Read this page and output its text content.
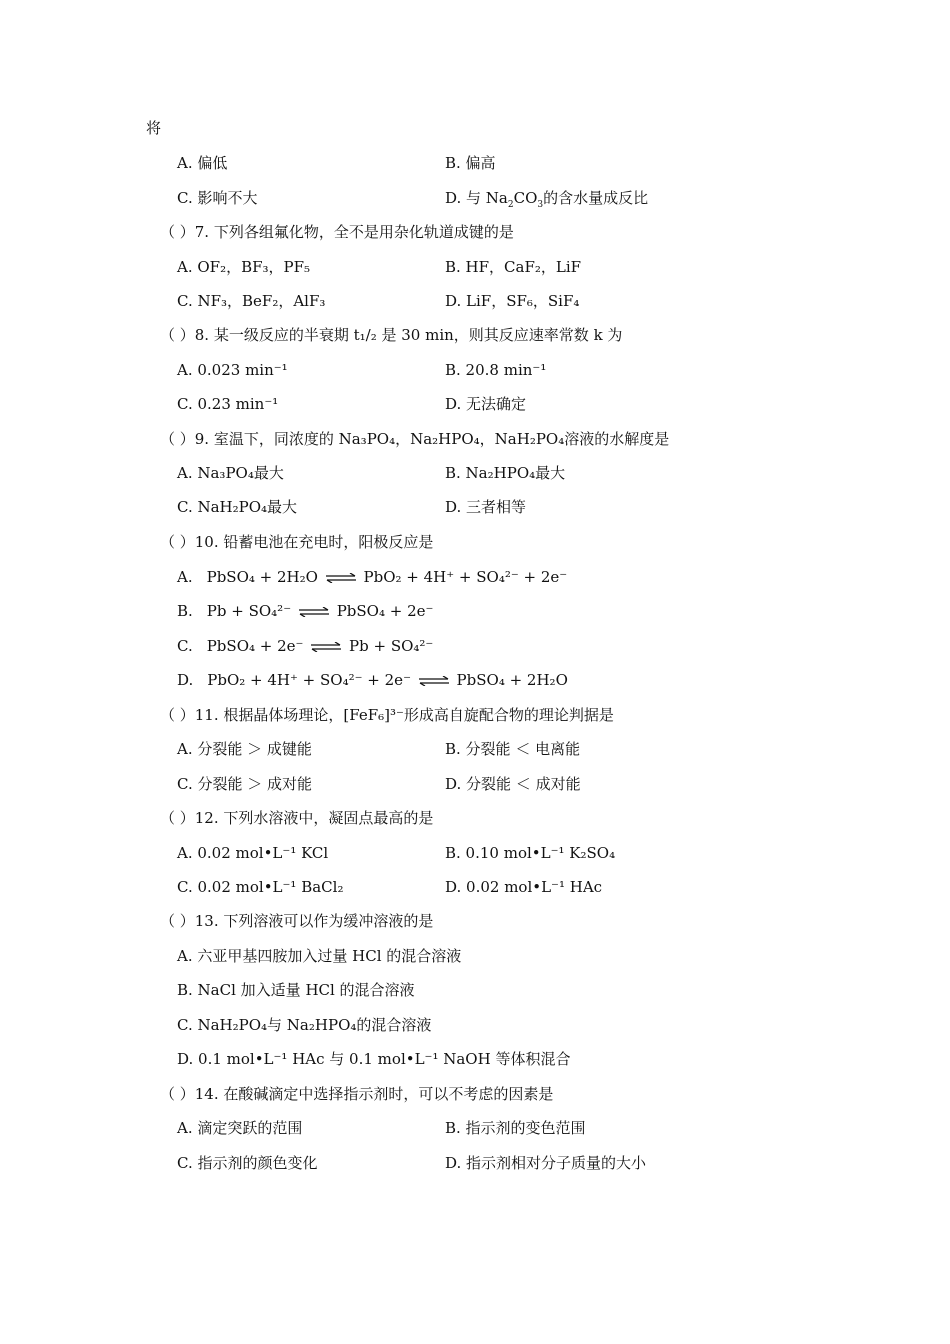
将
A. 偏低	B. 偏高
C. 影响不大	D. 与 $Na_2CO_3$的含水量成反比
（ ）7. 下列各组氟化物，全不是用杂化轨道成键的是
A. OF₂，BF₃，PF₅	B. HF，CaF₂，LiF
C. NF₃，BeF₂，AlF₃	D. LiF，SF₆，SiF₄
（ ）8. 某一级反应的半衰期 t₁/₂ 是 30 min，则其反应速率常数 k 为
A. 0.023 min⁻¹	B. 20.8 min⁻¹
C. 0.23 min⁻¹	D. 无法确定
（ ）9. 室温下，同浓度的 Na₃PO₄，Na₂HPO₄，NaH₂PO₄溶液的水解度是
A. Na₃PO₄最大	B. Na₂HPO₄最大
C. NaH₂PO₄最大	D. 三者相等
（ ）10. 铅蓄电池在充电时，阳极反应是
A. PbSO₄ + 2H₂O ⇌ PbO₂ + 4H⁺ + SO₄²⁻ + 2e⁻
B. Pb + SO₄²⁻ ⇌ PbSO₄ + 2e⁻
C. PbSO₄ + 2e⁻ ⇌ Pb + SO₄²⁻
D. PbO₂ + 4H⁺ + SO₄²⁻ + 2e⁻ ⇌ PbSO₄ + 2H₂O
（ ）11. 根据晶体场理论，[FeF₆]³⁻形成高自旋配合物的理论判据是
A. 分裂能 ＞ 成键能	B. 分裂能 ＜ 电离能
C. 分裂能 ＞ 成对能	D. 分裂能 ＜ 成对能
（ ）12. 下列水溶液中，凝固点最高的是
A. 0.02 mol•L⁻¹ KCl	B. 0.10 mol•L⁻¹ K₂SO₄
C. 0.02 mol•L⁻¹ BaCl₂	D. 0.02 mol•L⁻¹ HAc
（ ）13. 下列溶液可以作为缓冲溶液的是
A. 六亚甲基四胺加入过量 HCl 的混合溶液
B. NaCl 加入适量 HCl 的混合溶液
C. NaH₂PO₄与 Na₂HPO₄的混合溶液
D. 0.1 mol•L⁻¹ HAc 与 0.1 mol•L⁻¹ NaOH 等体积混合
（ ）14. 在酸碱滴定中选择指示剂时，可以不考虑的因素是
A. 滴定突跃的范围	B. 指示剂的变色范围
C. 指示剂的颜色变化	D. 指示剂相对分子质量的大小
